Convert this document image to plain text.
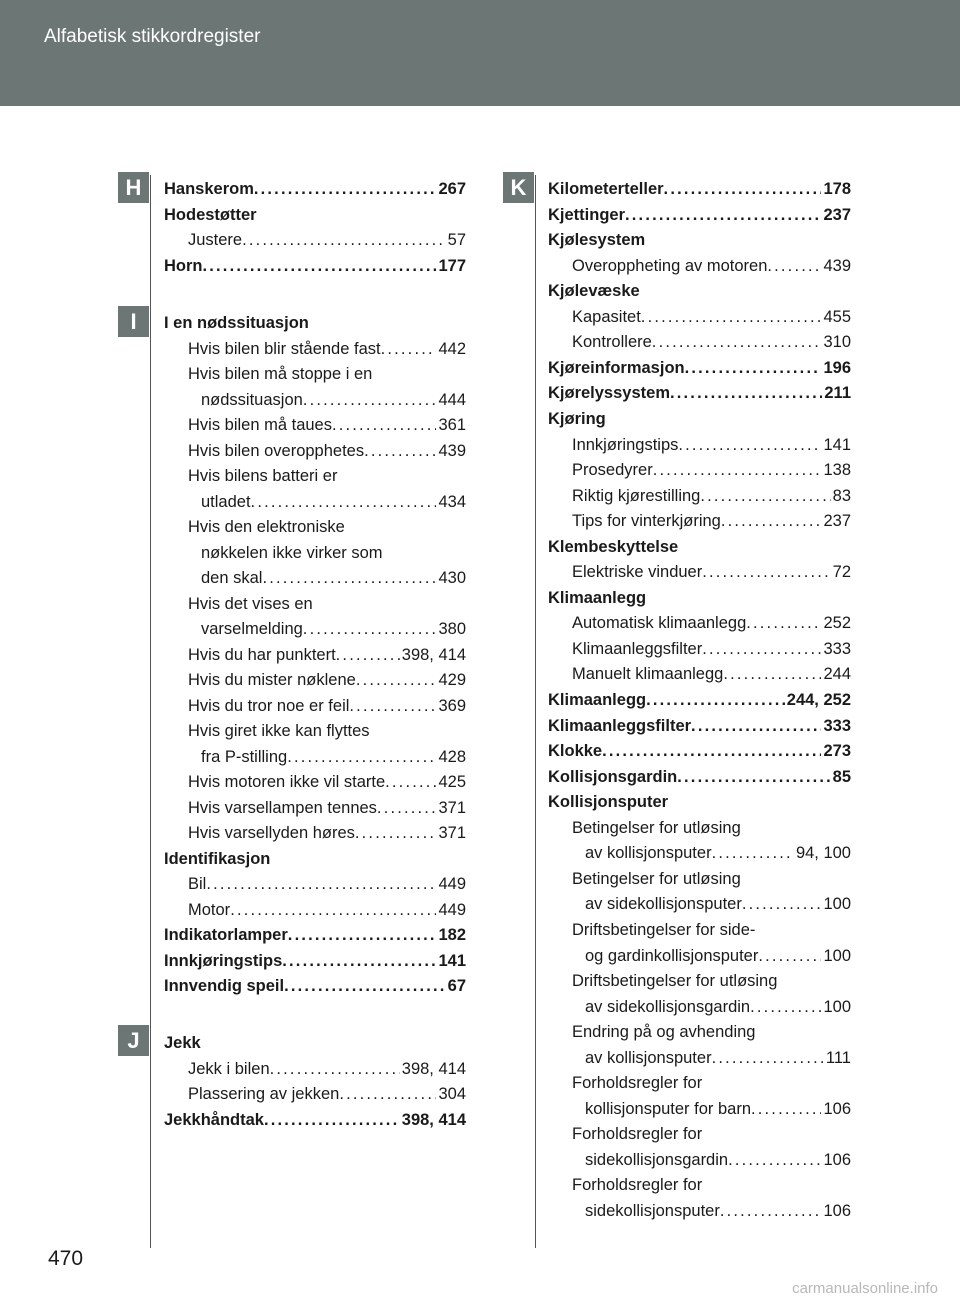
Alfabetisk stikkordregister
H
I
J
K
Hanskerom . . .	267
Hodestøtter
Justere . . .	57
Horn . . .	177
I en nødssituasjon
Hvis bilen blir stående fast . . .	442
Hvis bilen må stoppe i en
nødssituasjon . . .	444
Hvis bilen må taues . . .	361
Hvis bilen overopphetes . . .	439
Hvis bilens batteri er
utladet . . .	434
Hvis den elektroniske
nøkkelen ikke virker som
den skal . . .	430
Hvis det vises en
varselmelding . . .	380
Hvis du har punktert . . .	398, 414
Hvis du mister nøklene . . .	429
Hvis du tror noe er feil . . .	369
Hvis giret ikke kan flyttes
fra P-stilling . . .	428
Hvis motoren ikke vil starte . . .	425
Hvis varsellampen tennes . . .	371
Hvis varsellyden høres . . .	371
Identifikasjon
Bil . . .	449
Motor . . .	449
Indikatorlamper . . .	182
Innkjøringstips . . .	141
Innvendig speil . . .	67
Jekk
Jekk i bilen . . .	398, 414
Plassering av jekken . . .	304
Jekkhåndtak . . .	398, 414
Kilometerteller . . .	178
Kjettinger . . .	237
Kjølesystem
Overoppheting av motoren . . .	439
Kjølevæske
Kapasitet . . .	455
Kontrollere . . .	310
Kjøreinformasjon . . .	196
Kjørelyssystem . . .	211
Kjøring
Innkjøringstips . . .	141
Prosedyrer . . .	138
Riktig kjørestilling . . .	83
Tips for vinterkjøring . . .	237
Klembeskyttelse
Elektriske vinduer . . .	72
Klimaanlegg
Automatisk klimaanlegg . . .	252
Klimaanleggsfilter . . .	333
Manuelt klimaanlegg . . .	244
Klimaanlegg . . .	244, 252
Klimaanleggsfilter . . .	333
Klokke . . .	273
Kollisjonsgardin . . .	85
Kollisjonsputer
Betingelser for utløsing
av kollisjonsputer . . .	94, 100
Betingelser for utløsing
av sidekollisjonsputer . . .	100
Driftsbetingelser for side-
og gardinkollisjonsputer . . .	100
Driftsbetingelser for utløsing
av sidekollisjonsgardin . . .	100
Endring på og avhending
av kollisjonsputer . . .	111
Forholdsregler for
kollisjonsputer for barn . . .	106
Forholdsregler for
sidekollisjonsgardin . . .	106
Forholdsregler for
sidekollisjonsputer . . .	106
470
carmanualsonline.info
